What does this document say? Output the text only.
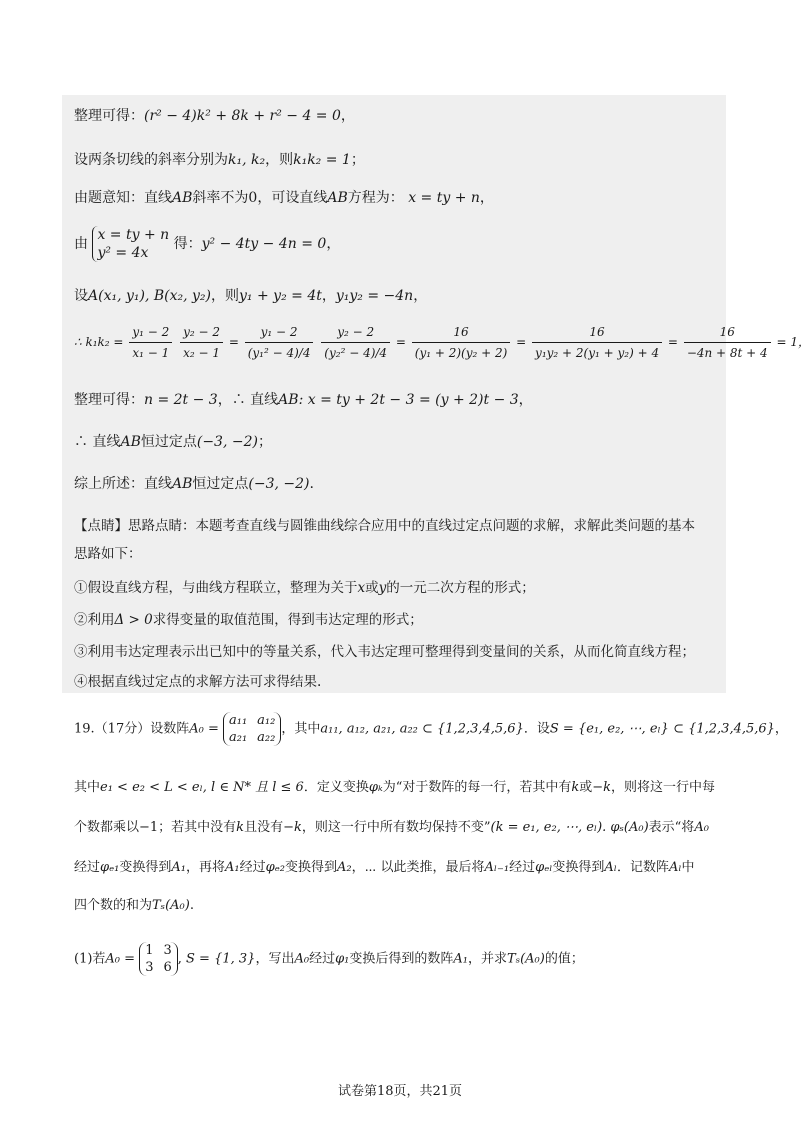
整理可得：(r² − 4)k² + 8k + r² − 4 = 0，
设两条切线的斜率分别为k₁, k₂，则k₁k₂ = 1；
由题意知：直线AB斜率不为0，可设直线AB方程为： x = ty + n，
由
x = ty + n
y² = 4x
得：y² − 4ty − 4n = 0，
设A(x₁, y₁), B(x₂, y₂)，则y₁ + y₂ = 4t，y₁y₂ = −4n，
∴ $k_1k_2 = \frac{\text{y₁ − 2}}{\text{x₁ − 1}}$
$\frac{\text{y₂ − 2}}{\text{x₂ − 1}} = \frac{\text{y₁ − 2}}{\text{(y₁² − 4)/4}}$
$\frac{\text{y₂ − 2}}{\text{(y₂² − 4)/4}} = \frac{16}{\text{(y₁ + 2)(y₂ + 2)}} = \frac{16}{\text{y₁y₂ + 2(y₁ + y₂) + 4}} = \frac{16}{-4n + 8t + 4} = 1$，
整理可得：n = 2t − 3，∴ 直线AB: x = ty + 2t − 3 = (y + 2)t − 3，
∴ 直线AB恒过定点(−3, −2)；
综上所述：直线AB恒过定点(−3, −2).
【点睛】思路点睛：本题考查直线与圆锥曲线综合应用中的直线过定点问题的求解，求解此类问题的基本
思路如下：
①假设直线方程，与曲线方程联立，整理为关于x或y的一元二次方程的形式；
②利用Δ > 0求得变量的取值范围，得到韦达定理的形式；
③利用韦达定理表示出已知中的等量关系，代入韦达定理可整理得到变量间的关系，从而化简直线方程；
④根据直线过定点的求解方法可求得结果.
19.（17分）设数阵A₀ =
a₁₁ a₁₂
a₂₁ a₂₂
，其中a₁₁, a₁₂, a₂₁, a₂₂ ⊂ {1,2,3,4,5,6}．设S = {e₁, e₂, ⋯, eₗ} ⊂ {1,2,3,4,5,6}，
其中e₁ < e₂ < L < eₗ, l ∈ N* 且 l ≤ 6．定义变换φₖ为“对于数阵的每一行，若其中有k或−k，则将这一行中每
个数都乘以−1；若其中没有k且没有−k，则这一行中所有数均保持不变”(k = e₁, e₂, ⋯, eₗ). φₛ(A₀)表示“将A₀
经过φₑ₁变换得到A₁，再将A₁经过φₑ₂变换得到A₂，⋯ 以此类推，最后将Aₗ₋₁经过φₑₗ变换得到Aₗ．记数阵Aₗ中
四个数的和为Tₛ(A₀).
(1)若A₀ =
1 3
3 6
, S = {1, 3}，写出A₀经过φ₁变换后得到的数阵A₁，并求Tₛ(A₀)的值；
试卷第18页，共21页
